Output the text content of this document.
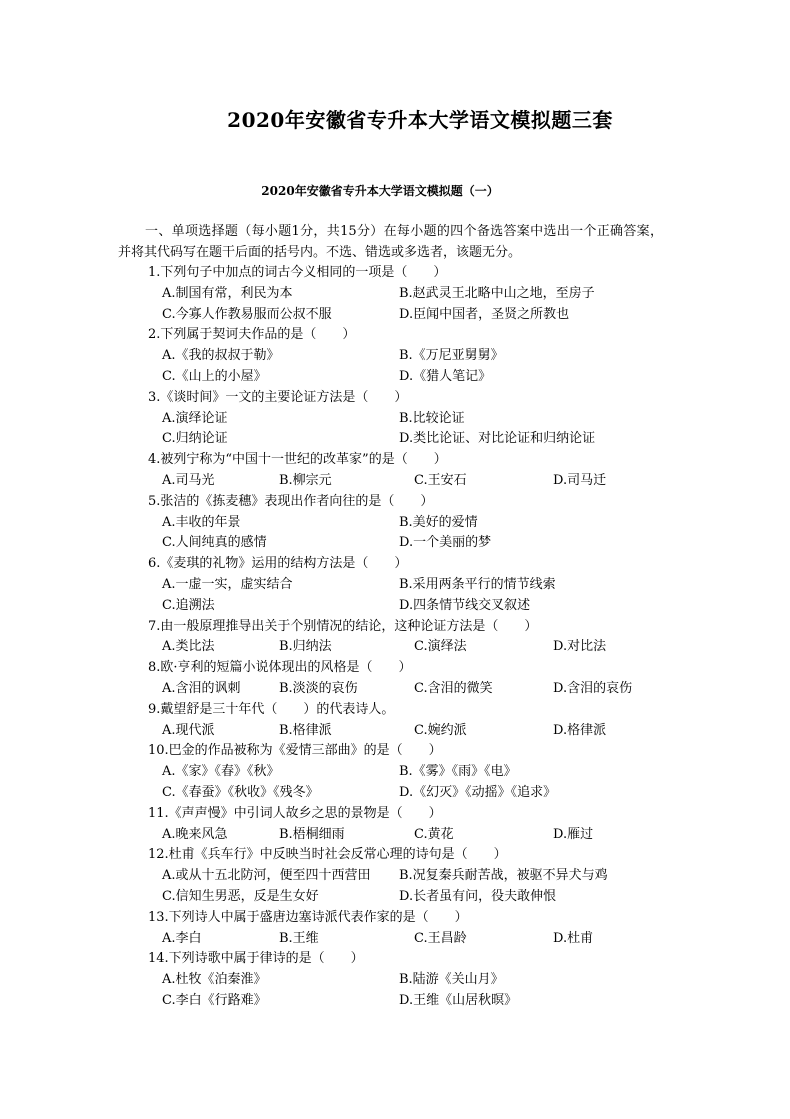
2020年安徽省专升本大学语文模拟题三套
2020年安徽省专升本大学语文模拟题（一）
一、单项选择题（每小题1分，共15分）在每小题的四个备选答案中选出一个正确答案，并将其代码写在题干后面的括号内。不选、错选或多选者，该题无分。
1.下列句子中加点的词古今义相同的一项是（　　）
A.制国有常，利民为本	B.赵武灵王北略中山之地，至房子
C.今寡人作教易服而公叔不服	D.臣闻中国者，圣贤之所教也
2.下列属于契诃夫作品的是（　　）
A.《我的叔叔于勒》	B.《万尼亚舅舅》
C.《山上的小屋》	D.《猎人笔记》
3.《谈时间》一文的主要论证方法是（　　）
A.演绎论证	B.比较论证
C.归纳论证	D.类比论证、对比论证和归纳论证
4.被列宁称为“中国十一世纪的改革家”的是（　　）
A.司马光	B.柳宗元	C.王安石	D.司马迁
5.张洁的《拣麦穗》表现出作者向往的是（　　）
A.丰收的年景	B.美好的爱情
C.人间纯真的感情	D.一个美丽的梦
6.《麦琪的礼物》运用的结构方法是（　　）
A.一虚一实，虚实结合	B.采用两条平行的情节线索
C.追溯法	D.四条情节线交叉叙述
7.由一般原理推导出关于个别情况的结论，这种论证方法是（　　）
A.类比法	B.归纳法	C.演绎法	D.对比法
8.欧·亨利的短篇小说体现出的风格是（　　）
A.含泪的讽刺	B.淡淡的哀伤	C.含泪的微笑	D.含泪的哀伤
9.戴望舒是三十年代（　　）的代表诗人。
A.现代派	B.格律派	C.婉约派	D.格律派
10.巴金的作品被称为《爱情三部曲》的是（　　）
A.《家》《春》《秋》	B.《雾》《雨》《电》
C.《春蚕》《秋收》《残冬》	D.《幻灭》《动摇》《追求》
11.《声声慢》中引词人故乡之思的景物是（　　）
A.晚来风急	B.梧桐细雨	C.黄花	D.雁过
12.杜甫《兵车行》中反映当时社会反常心理的诗句是（　　）
A.或从十五北防河，便至四十西营田 B.况复秦兵耐苦战，被驱不异犬与鸡
C.信知生男恶，反是生女好	D.长者虽有问，役夫敢伸恨
13.下列诗人中属于盛唐边塞诗派代表作家的是（　　）
A.李白	B.王维	C.王昌龄	D.杜甫
14.下列诗歌中属于律诗的是（　　）
A.杜牧《泊秦淮》	B.陆游《关山月》
C.李白《行路难》	D.王维《山居秋暝》
